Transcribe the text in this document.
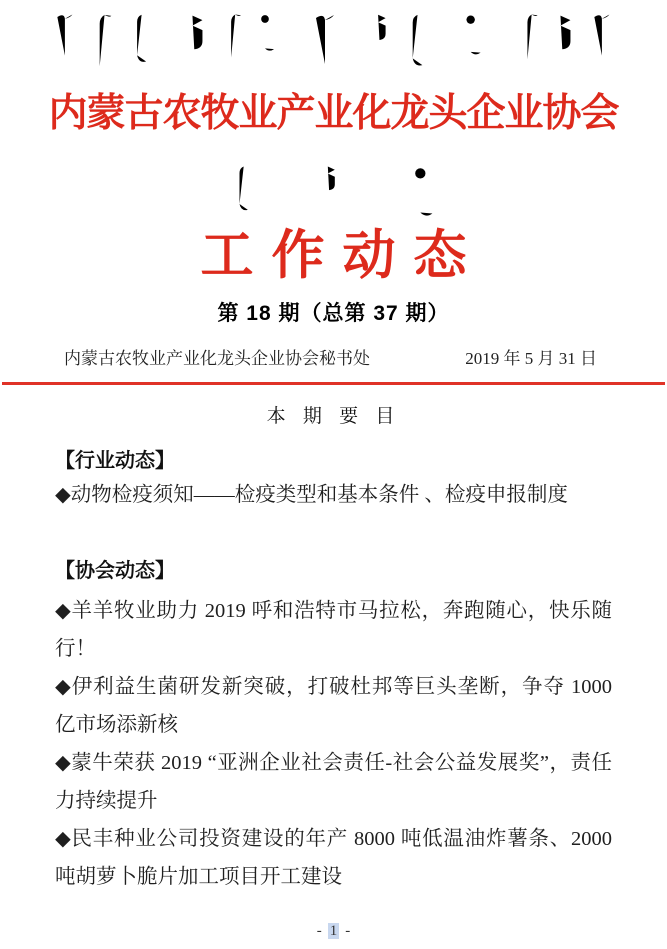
内蒙古农牧业产业化龙头企业协会
工作动态
第 18 期（总第 37 期）
内蒙古农牧业产业化龙头企业协会秘书处	2019 年 5 月 31 日
本 期 要 目
【行业动态】
◆动物检疫须知——检疫类型和基本条件 、检疫申报制度
【协会动态】
◆羊羊牧业助力 2019 呼和浩特市马拉松，奔跑随心，快乐随行！
◆伊利益生菌研发新突破，打破杜邦等巨头垄断，争夺 1000 亿市场添新核
◆蒙牛荣获 2019 “亚洲企业社会责任-社会公益发展奖”，责任力持续提升
◆民丰种业公司投资建设的年产 8000 吨低温油炸薯条、2000 吨胡萝卜脆片加工项目开工建设
- 1 -
